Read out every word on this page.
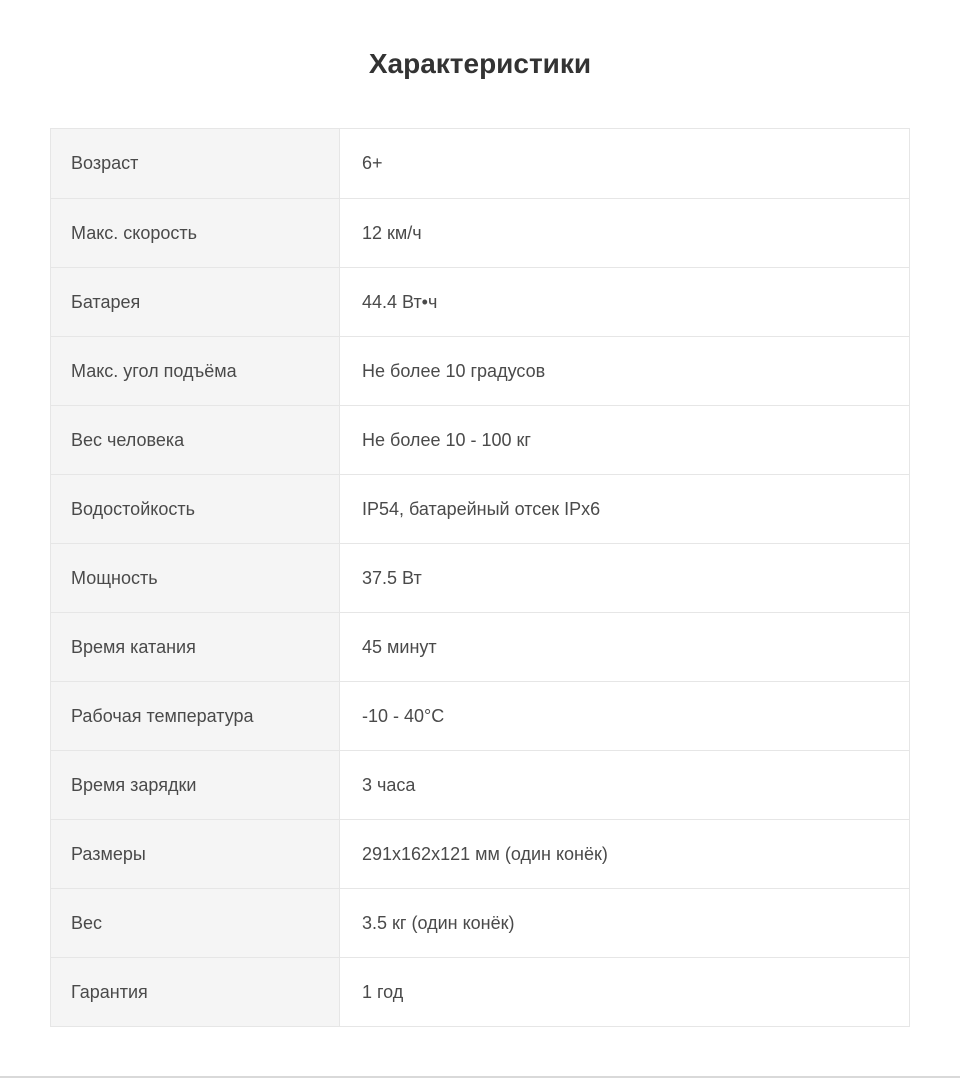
Характеристики
Возраст	6+
Макс. скорость	12 км/ч
Батарея	44.4 Вт•ч
Макс. угол подъёма	Не более 10 градусов
Вес человека	Не более 10 - 100 кг
Водостойкость	IP54, батарейный отсек IPx6
Мощность	37.5 Вт
Время катания	45 минут
Рабочая температура	-10 - 40°C
Время зарядки	3 часа
Размеры	291x162x121 мм (один конёк)
Вес	3.5 кг (один конёк)
Гарантия	1 год
